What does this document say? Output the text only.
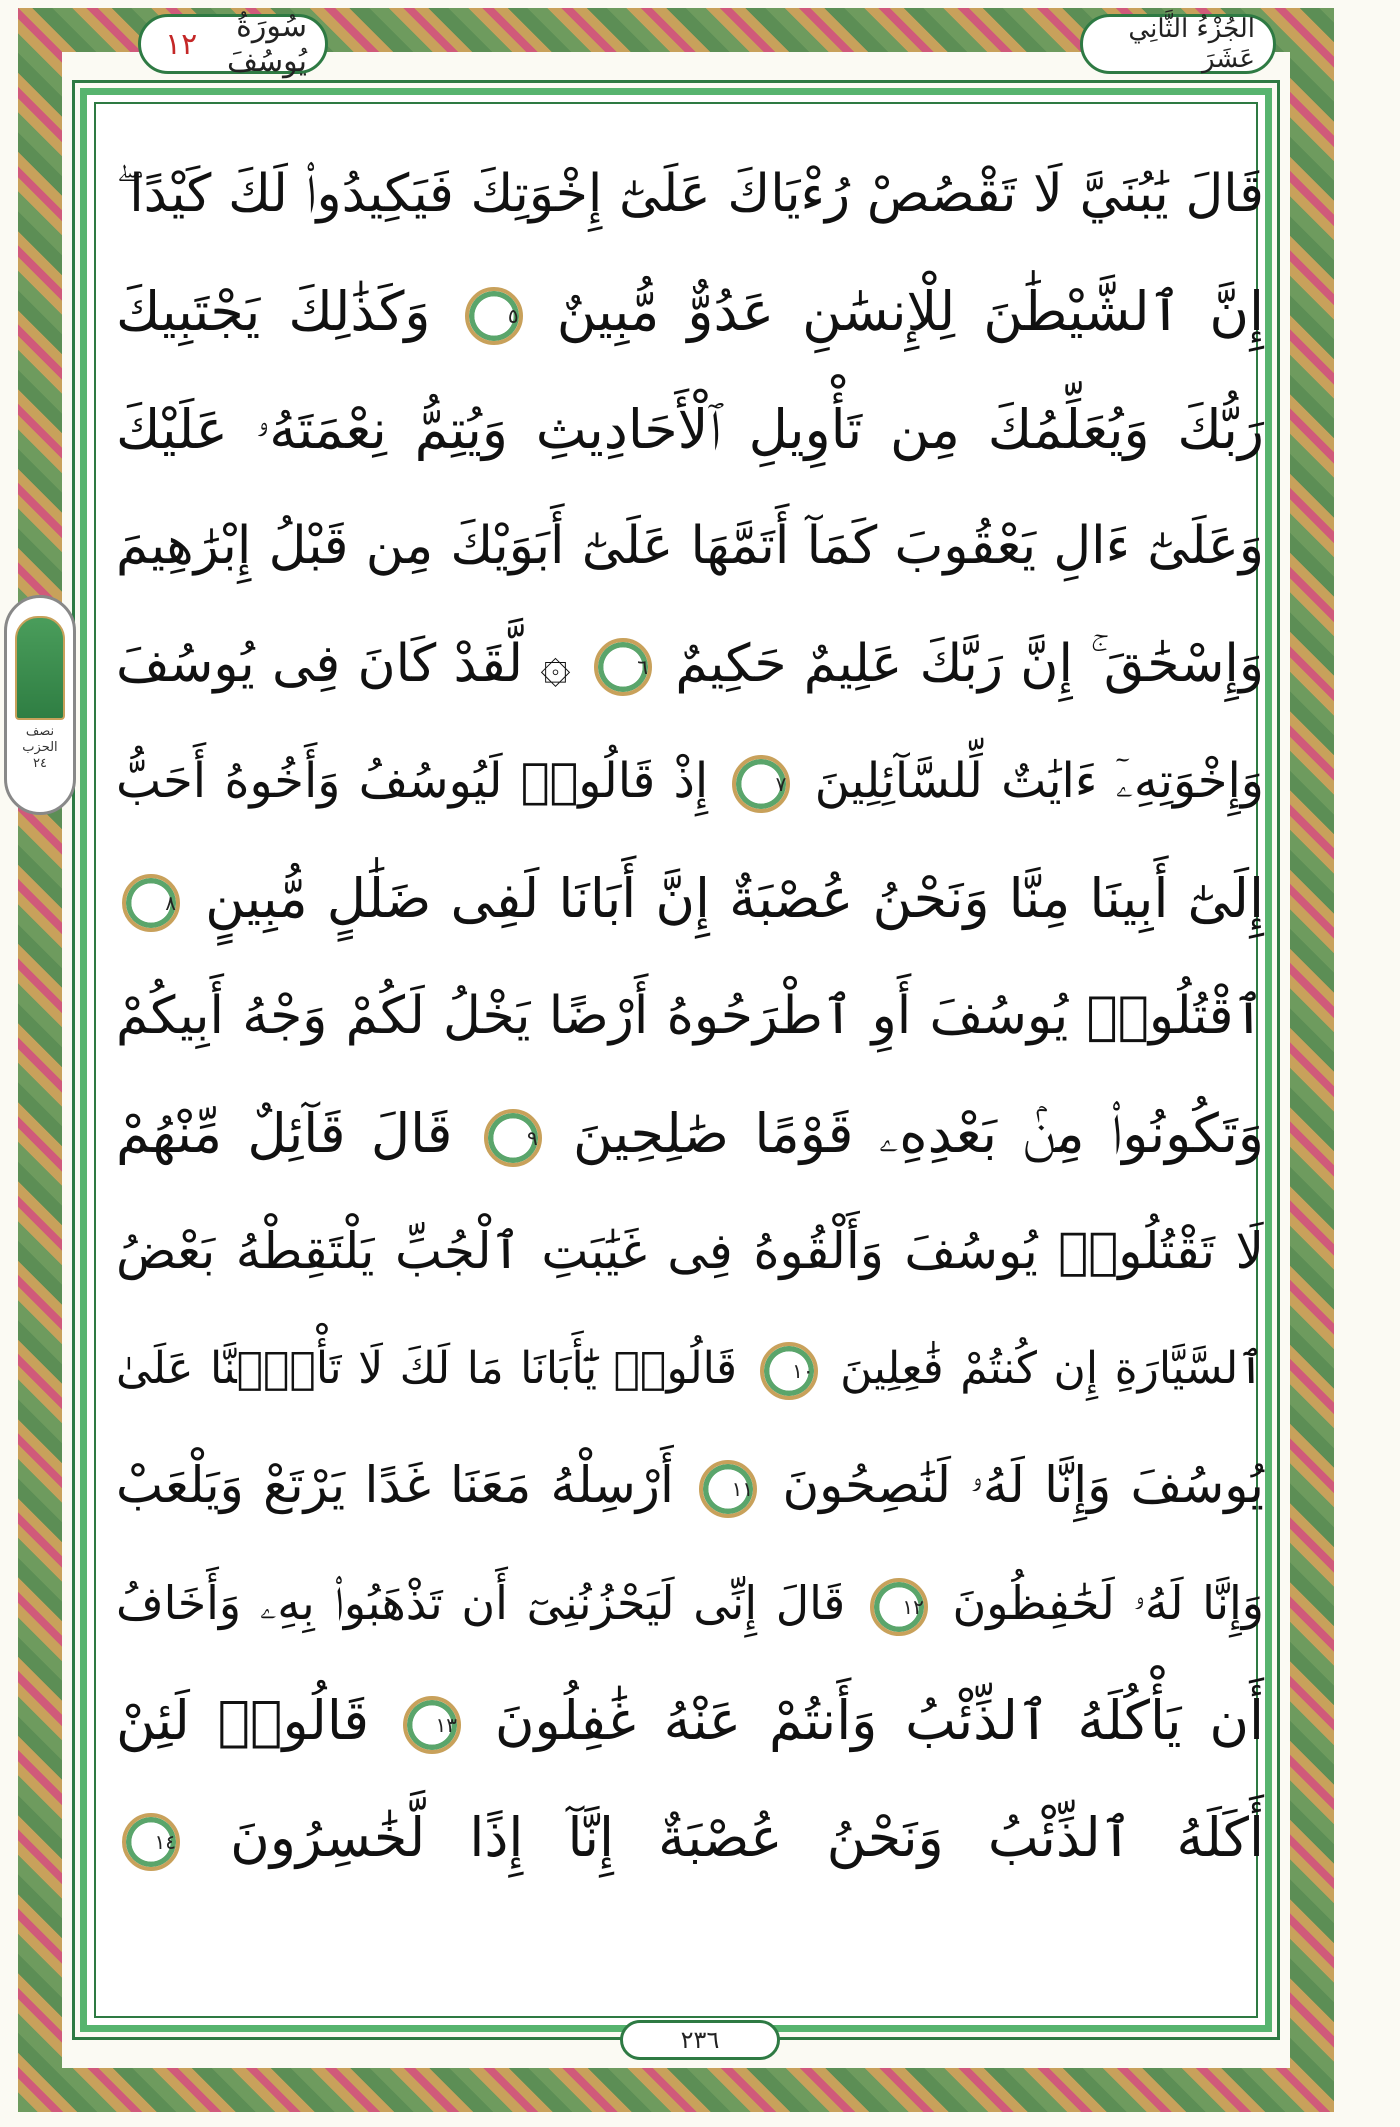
سُورَةُ يُوسُفَ
١٢	الجُزْءُ الثَّانِي عَشَرَ
نصف
الحزب
٢٤
قَالَ يَٰبُنَيَّ لَا تَقْصُصْ رُءْيَاكَ عَلَىٰٓ إِخْوَتِكَ فَيَكِيدُوا۟ لَكَ كَيْدًا ۖ
إِنَّ ٱلشَّيْطَٰنَ لِلْإِنسَٰنِ عَدُوٌّ مُّبِينٌ ٥ وَكَذَٰلِكَ يَجْتَبِيكَ
رَبُّكَ وَيُعَلِّمُكَ مِن تَأْوِيلِ ٱلْأَحَادِيثِ وَيُتِمُّ نِعْمَتَهُۥ عَلَيْكَ
وَعَلَىٰٓ ءَالِ يَعْقُوبَ كَمَآ أَتَمَّهَا عَلَىٰٓ أَبَوَيْكَ مِن قَبْلُ إِبْرَٰهِيمَ
وَإِسْحَٰقَ ۚ إِنَّ رَبَّكَ عَلِيمٌ حَكِيمٌ ٦ ۞ لَّقَدْ كَانَ فِى يُوسُفَ
وَإِخْوَتِهِۦٓ ءَايَٰتٌ لِّلسَّآئِلِينَ ٧ إِذْ قَالُوا۟ لَيُوسُفُ وَأَخُوهُ أَحَبُّ
إِلَىٰٓ أَبِينَا مِنَّا وَنَحْنُ عُصْبَةٌ إِنَّ أَبَانَا لَفِى ضَلَٰلٍ مُّبِينٍ ٨
ٱقْتُلُوا۟ يُوسُفَ أَوِ ٱطْرَحُوهُ أَرْضًا يَخْلُ لَكُمْ وَجْهُ أَبِيكُمْ
وَتَكُونُوا۟ مِنۢ بَعْدِهِۦ قَوْمًا صَٰلِحِينَ ٩ قَالَ قَآئِلٌ مِّنْهُمْ
لَا تَقْتُلُوا۟ يُوسُفَ وَأَلْقُوهُ فِى غَيَٰبَتِ ٱلْجُبِّ يَلْتَقِطْهُ بَعْضُ
ٱلسَّيَّارَةِ إِن كُنتُمْ فَٰعِلِينَ ١٠ قَالُوا۟ يَٰٓأَبَانَا مَا لَكَ لَا تَأْمَ۫نَّا عَلَىٰ
يُوسُفَ وَإِنَّا لَهُۥ لَنَٰصِحُونَ ١١ أَرْسِلْهُ مَعَنَا غَدًا يَرْتَعْ وَيَلْعَبْ
وَإِنَّا لَهُۥ لَحَٰفِظُونَ ١٢ قَالَ إِنِّى لَيَحْزُنُنِىٓ أَن تَذْهَبُوا۟ بِهِۦ وَأَخَافُ
أَن يَأْكُلَهُ ٱلذِّئْبُ وَأَنتُمْ عَنْهُ غَٰفِلُونَ ١٣ قَالُوا۟ لَئِنْ
أَكَلَهُ ٱلذِّئْبُ وَنَحْنُ عُصْبَةٌ إِنَّآ إِذًا لَّخَٰسِرُونَ ١٤
٢٣٦
